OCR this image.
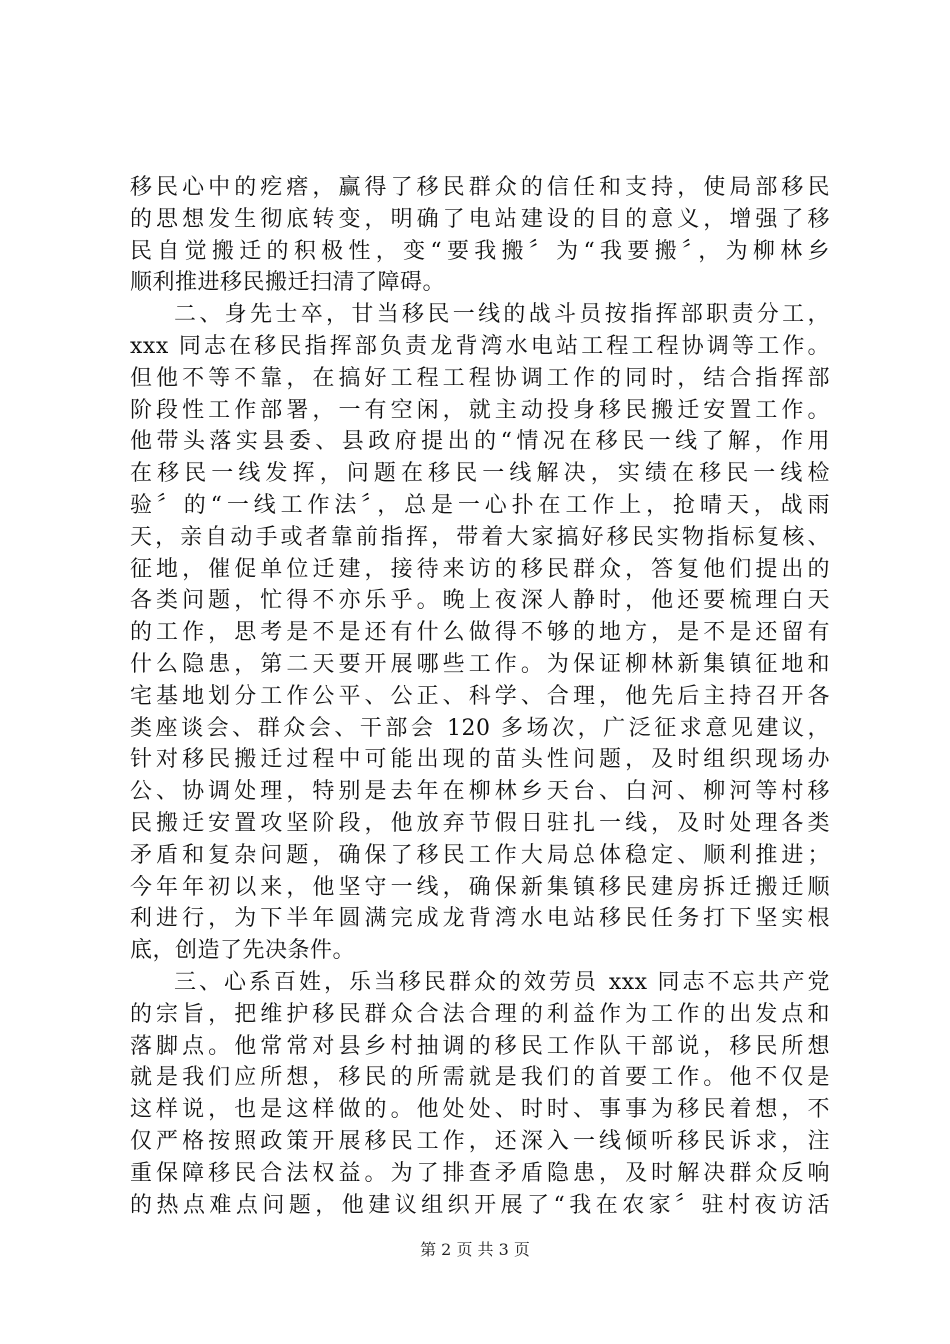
移民心中的疙瘩，赢得了移民群众的信任和支持，使局部移民
的思想发生彻底转变，明确了电站建设的目的意义，增强了移
民自觉搬迁的积极性，变“要我搬〞为“我要搬〞，为柳林乡
顺利推进移民搬迁扫清了障碍。
二、身先士卒，甘当移民一线的战斗员按指挥部职责分工，
xxx 同志在移民指挥部负责龙背湾水电站工程工程协调等工作。
但他不等不靠，在搞好工程工程协调工作的同时，结合指挥部
阶段性工作部署，一有空闲，就主动投身移民搬迁安置工作。
他带头落实县委、县政府提出的“情况在移民一线了解，作用
在移民一线发挥，问题在移民一线解决，实绩在移民一线检
验〞的“一线工作法〞，总是一心扑在工作上，抢晴天，战雨
天，亲自动手或者靠前指挥，带着大家搞好移民实物指标复核、
征地，催促单位迁建，接待来访的移民群众，答复他们提出的
各类问题，忙得不亦乐乎。晚上夜深人静时，他还要梳理白天
的工作，思考是不是还有什么做得不够的地方，是不是还留有
什么隐患，第二天要开展哪些工作。为保证柳林新集镇征地和
宅基地划分工作公平、公正、科学、合理，他先后主持召开各
类座谈会、群众会、干部会 120 多场次，广泛征求意见建议，
针对移民搬迁过程中可能出现的苗头性问题，及时组织现场办
公、协调处理，特别是去年在柳林乡天台、白河、柳河等村移
民搬迁安置攻坚阶段，他放弃节假日驻扎一线，及时处理各类
矛盾和复杂问题，确保了移民工作大局总体稳定、顺利推进；
今年年初以来，他坚守一线，确保新集镇移民建房拆迁搬迁顺
利进行，为下半年圆满完成龙背湾水电站移民任务打下坚实根
底，创造了先决条件。
三、心系百姓，乐当移民群众的效劳员 xxx 同志不忘共产党
的宗旨，把维护移民群众合法合理的利益作为工作的出发点和
落脚点。他常常对县乡村抽调的移民工作队干部说，移民所想
就是我们应所想，移民的所需就是我们的首要工作。他不仅是
这样说，也是这样做的。他处处、时时、事事为移民着想，不
仅严格按照政策开展移民工作，还深入一线倾听移民诉求，注
重保障移民合法权益。为了排查矛盾隐患，及时解决群众反响
的热点难点问题，他建议组织开展了“我在农家〞驻村夜访活
第 2 页 共 3 页
